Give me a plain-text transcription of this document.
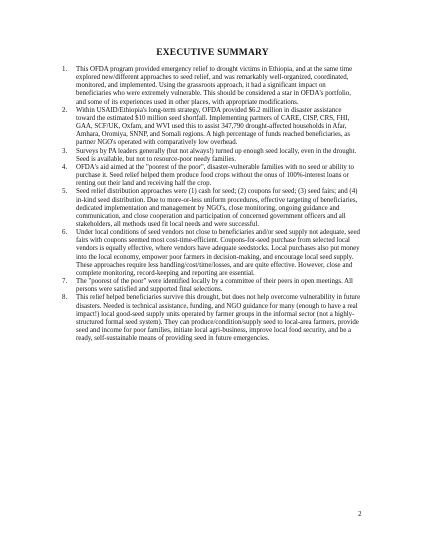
EXECUTIVE SUMMARY
1. This OFDA program provided emergency relief to drought victims in Ethiopia, and at the same time explored new/different approaches to seed relief, and was remarkably well-organized, coordinated, monitored, and implemented. Using the grassroots approach, it had a significant impact on beneficiaries who were extremely vulnerable. This should be considered a star in OFDA's portfolio, and some of its experiences used in other places, with appropriate modifications.
2. Within USAID/Ethiopia's long-term strategy, OFDA provided $6.2 million in disaster assistance toward the estimated $10 million seed shortfall. Implementing partners of CARE, CISP, CRS, FHI, GAA, SCF/UK, Oxfam, and WVI used this to assist 347,790 drought-affected households in Afar, Amhara, Oromiya, SNNP, and Somali regions. A high percentage of funds reached beneficiaries, as partner NGO's operated with comparatively low overhead.
3. Surveys by PA leaders generally (but not always!) turned up enough seed locally, even in the drought. Seed is available, but not to resource-poor needy families.
4. OFDA's aid aimed at the "poorest of the poor", disaster-vulnerable families with no seed or ability to purchase it. Seed relief helped them produce food crops without the onus of 100%-interest loans or renting out their land and receiving half the crop.
5. Seed relief distribution approaches were (1) cash for seed; (2) coupons for seed; (3) seed fairs; and (4) in-kind seed distribution. Due to more-or-less uniform procedures, effective targeting of beneficiaries, dedicated implementation and management by NGO's, close monitoring, ongoing guidance and communication, and close cooperation and participation of concerned government officers and all stakeholders, all methods used fit local needs and were successful.
6. Under local conditions of seed vendors not close to beneficiaries and/or seed supply not adequate, seed fairs with coupons seemed most cost-time-efficient. Coupons-for-seed purchase from selected local vendors is equally effective, where vendors have adequate seedstocks. Local purchases also put money into the local economy, empower poor farmers in decision-making, and encourage local seed supply. These approaches require less handling/cost/time/losses, and are quite effective. However, close and complete monitoring, record-keeping and reporting are essential.
7. The "poorest of the poor" were identified locally by a committee of their peers in open meetings. All persons were satisfied and supported final selections.
8. This relief helped beneficiaries survive this drought, but does not help overcome vulnerability in future disasters. Needed is technical assistance, funding, and NGO guidance for many (enough to have a real impact!) local good-seed supply units operated by farmer groups in the informal sector (not a highly-structured formal seed system). They can produce/condition/supply seed to local-area farmers, provide seed and income for poor families, initiate local agri-business, improve local food security, and be a ready, self-sustainable means of providing seed in future emergencies.
2
